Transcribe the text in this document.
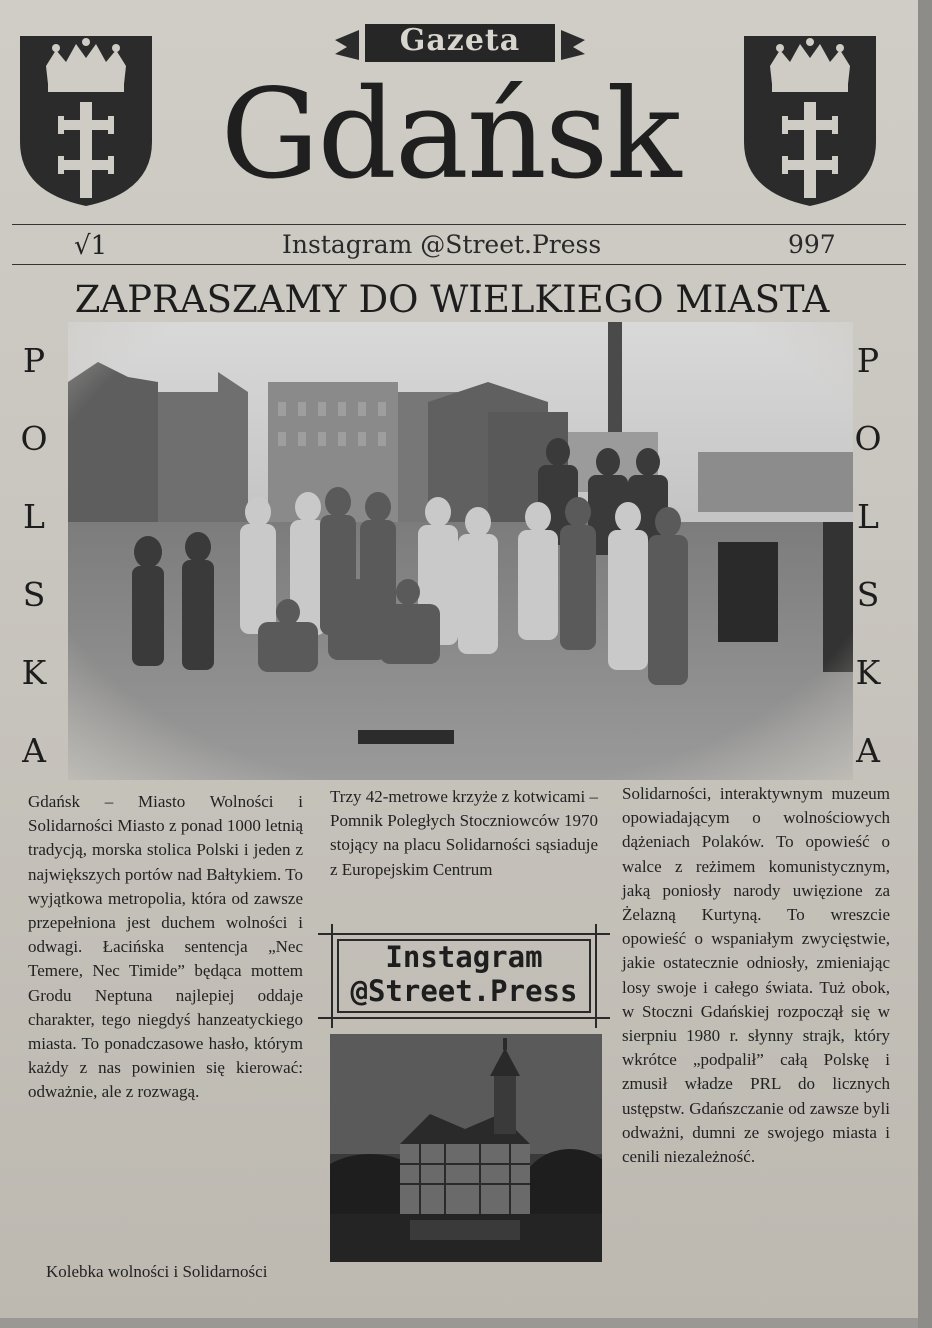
Gazeta
Gdańsk
√1	Instagram @Street.Press	997
ZAPRASZAMY DO WIELKIEGO MIASTA
P
O
L
S
K
A
P
O
L
S
K
A

Gdańsk – Miasto Wolności i Solidarności Miasto z ponad 1000 letnią tradycją, morska stolica Polski i jeden z największych portów nad Bałtykiem. To wyjątkowa metropolia, która od zawsze przepełniona jest duchem wolności i odwagi. Łacińska sentencja „Nec Temere, Nec Timide” będąca mottem Grodu Neptuna najlepiej oddaje charakter, tego niegdyś hanzeatyckiego miasta. To ponadczasowe hasło, którym każdy z nas powinien się kierować: odważnie, ale z rozwagą.

Kolebka wolności i Solidarności

Trzy 42-metrowe krzyże z kotwicami – Pomnik Poległych Stoczniowców 1970 stojący na placu Solidarności sąsiaduje z Europejskim Centrum

Instagram
@Street.Press

Solidarności, interaktywnym muzeum opowiadającym o wolnościowych dążeniach Polaków. To opowieść o walce z reżimem komunistycznym, jaką poniosły narody uwięzione za Żelazną Kurtyną. To wreszcie opowieść o wspaniałym zwycięstwie, jakie ostatecznie odniosły, zmieniając losy swoje i całego świata. Tuż obok, w Stoczni Gdańskiej rozpoczął się w sierpniu 1980 r. słynny strajk, który wkrótce „podpalił” całą Polskę i zmusił władze PRL do licznych ustępstw. Gdańszczanie od zawsze byli odważni, dumni ze swojego miasta i cenili niezależność.
